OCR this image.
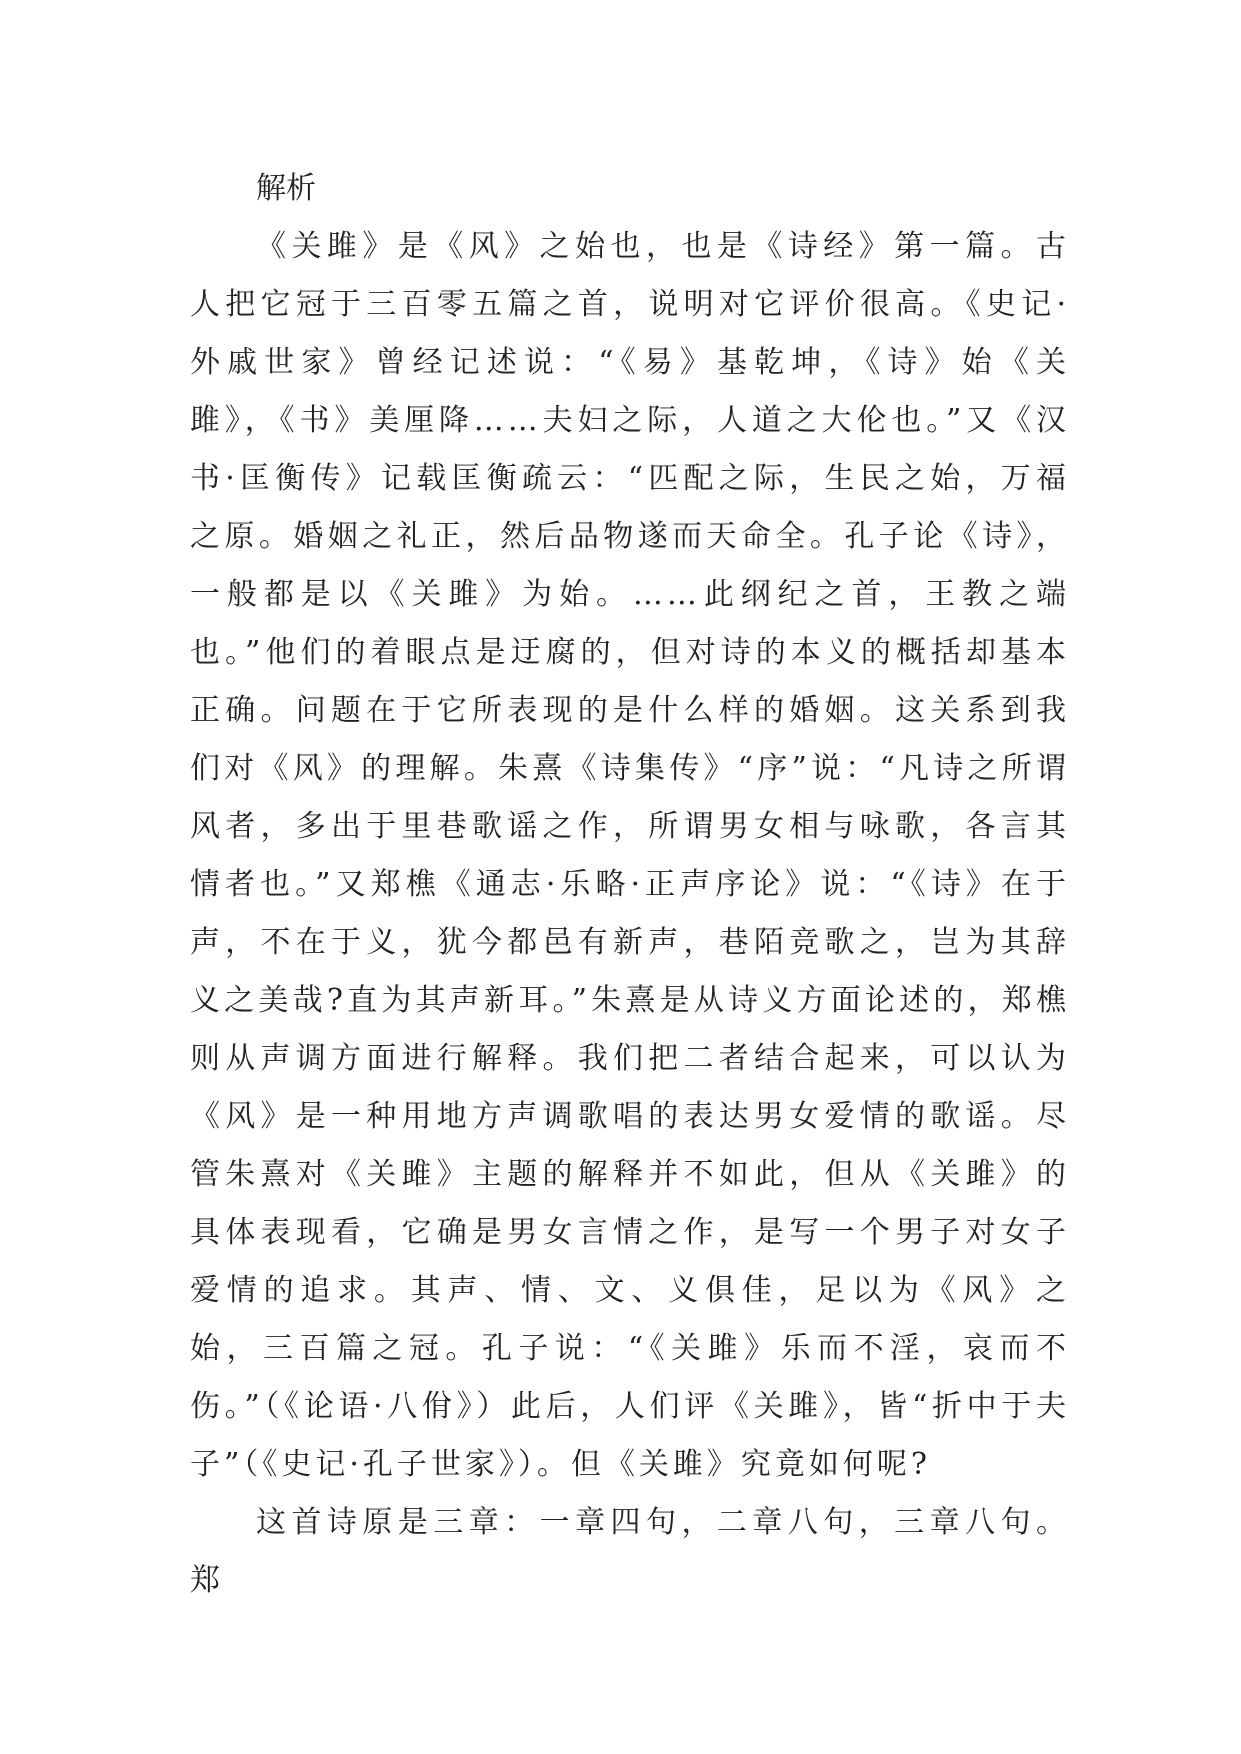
解析

《关雎》是《风》之始也，也是《诗经》第一篇。古人把它冠于三百零五篇之首，说明对它评价很高。《史记·外戚世家》曾经记述说：“《易》基乾坤，《诗》始《关雎》，《书》美厘降……夫妇之际，人道之大伦也。”又《汉书·匡衡传》记载匡衡疏云：“匹配之际，生民之始，万福之原。婚姻之礼正，然后品物遂而天命全。孔子论《诗》，一般都是以《关雎》为始。……此纲纪之首，王教之端也。”他们的着眼点是迂腐的，但对诗的本义的概括却基本正确。问题在于它所表现的是什么样的婚姻。这关系到我们对《风》的理解。朱熹《诗集传》“序”说：“凡诗之所谓风者，多出于里巷歌谣之作，所谓男女相与咏歌，各言其情者也。”又郑樵《通志·乐略·正声序论》说：“《诗》在于声，不在于义，犹今都邑有新声，巷陌竞歌之，岂为其辞义之美哉?直为其声新耳。”朱熹是从诗义方面论述的，郑樵则从声调方面进行解释。我们把二者结合起来，可以认为《风》是一种用地方声调歌唱的表达男女爱情的歌谣。尽管朱熹对《关雎》主题的解释并不如此，但从《关雎》的具体表现看，它确是男女言情之作，是写一个男子对女子爱情的追求。其声、情、文、义俱佳，足以为《风》之始，三百篇之冠。孔子说：“《关雎》乐而不淫，哀而不伤。”（《论语·八佾》）此后，人们评《关雎》，皆“折中于夫子”（《史记·孔子世家》）。但《关雎》究竟如何呢?

这首诗原是三章：一章四句，二章八句，三章八句。郑
